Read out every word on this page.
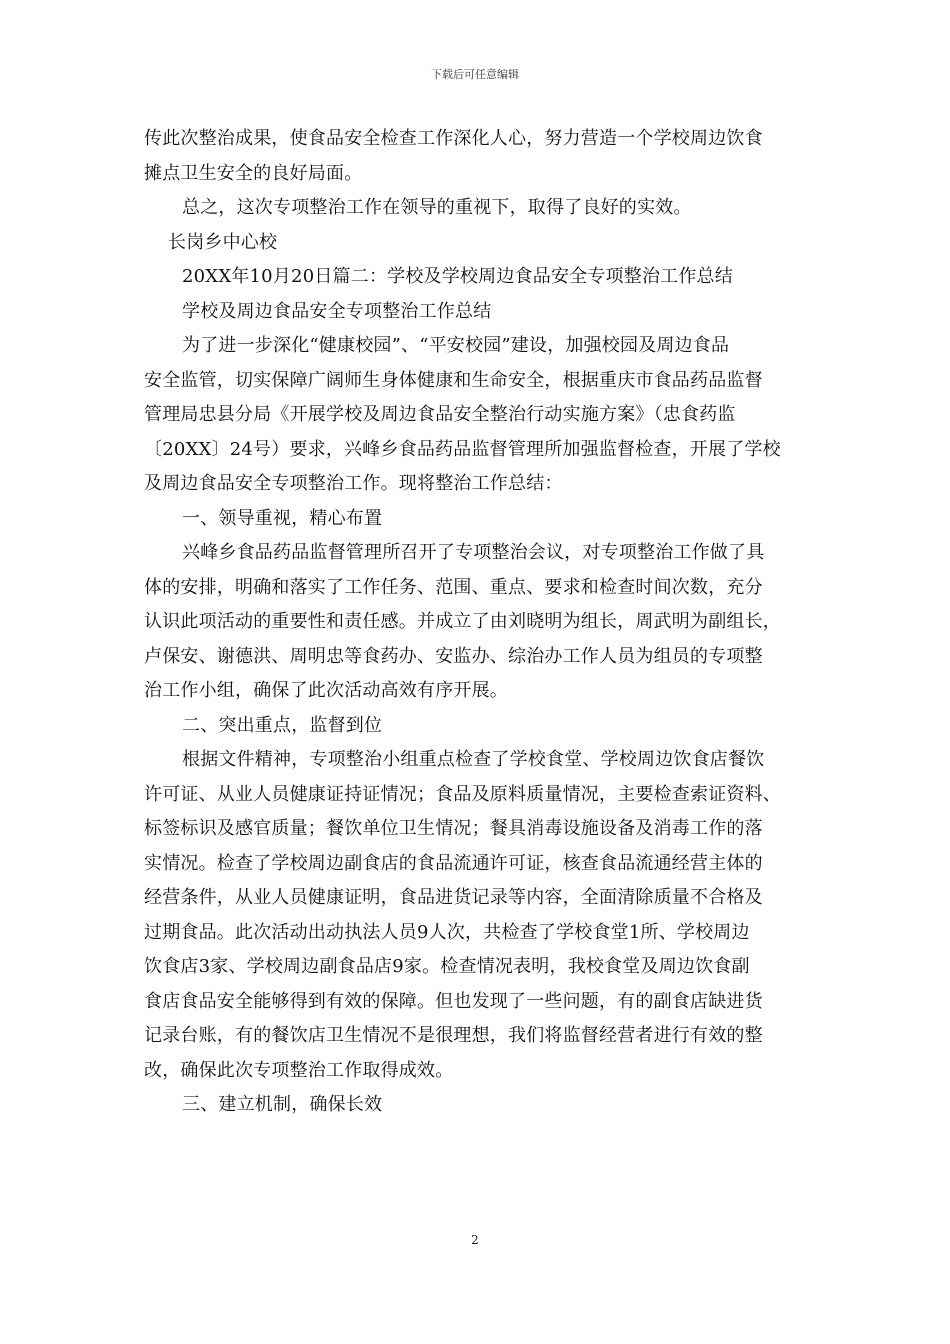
下载后可任意编辑
传此次整治成果，使食品安全检查工作深化人心，努力营造一个学校周边饮食
摊点卫生安全的良好局面。
总之，这次专项整治工作在领导的重视下，取得了良好的实效。
长岗乡中心校
20XX年10月20日篇二：学校及学校周边食品安全专项整治工作总结
学校及周边食品安全专项整治工作总结
为了进一步深化“健康校园”、“平安校园”建设，加强校园及周边食品
安全监管，切实保障广阔师生身体健康和生命安全，根据重庆市食品药品监督
管理局忠县分局《开展学校及周边食品安全整治行动实施方案》（忠食药监
〔20XX〕24号）要求，兴峰乡食品药品监督管理所加强监督检查，开展了学校
及周边食品安全专项整治工作。现将整治工作总结：
一、领导重视，精心布置
兴峰乡食品药品监督管理所召开了专项整治会议，对专项整治工作做了具
体的安排，明确和落实了工作任务、范围、重点、要求和检查时间次数，充分
认识此项活动的重要性和责任感。并成立了由刘晓明为组长，周武明为副组长，
卢保安、谢德洪、周明忠等食药办、安监办、综治办工作人员为组员的专项整
治工作小组，确保了此次活动高效有序开展。
二、突出重点，监督到位
根据文件精神，专项整治小组重点检查了学校食堂、学校周边饮食店餐饮
许可证、从业人员健康证持证情况；食品及原料质量情况，主要检查索证资料、
标签标识及感官质量；餐饮单位卫生情况；餐具消毒设施设备及消毒工作的落
实情况。检查了学校周边副食店的食品流通许可证，核查食品流通经营主体的
经营条件，从业人员健康证明，食品进货记录等内容，全面清除质量不合格及
过期食品。此次活动出动执法人员9人次，共检查了学校食堂1所、学校周边
饮食店3家、学校周边副食品店9家。检查情况表明，我校食堂及周边饮食副
食店食品安全能够得到有效的保障。但也发现了一些问题，有的副食店缺进货
记录台账，有的餐饮店卫生情况不是很理想，我们将监督经营者进行有效的整
改，确保此次专项整治工作取得成效。
三、建立机制，确保长效
2
